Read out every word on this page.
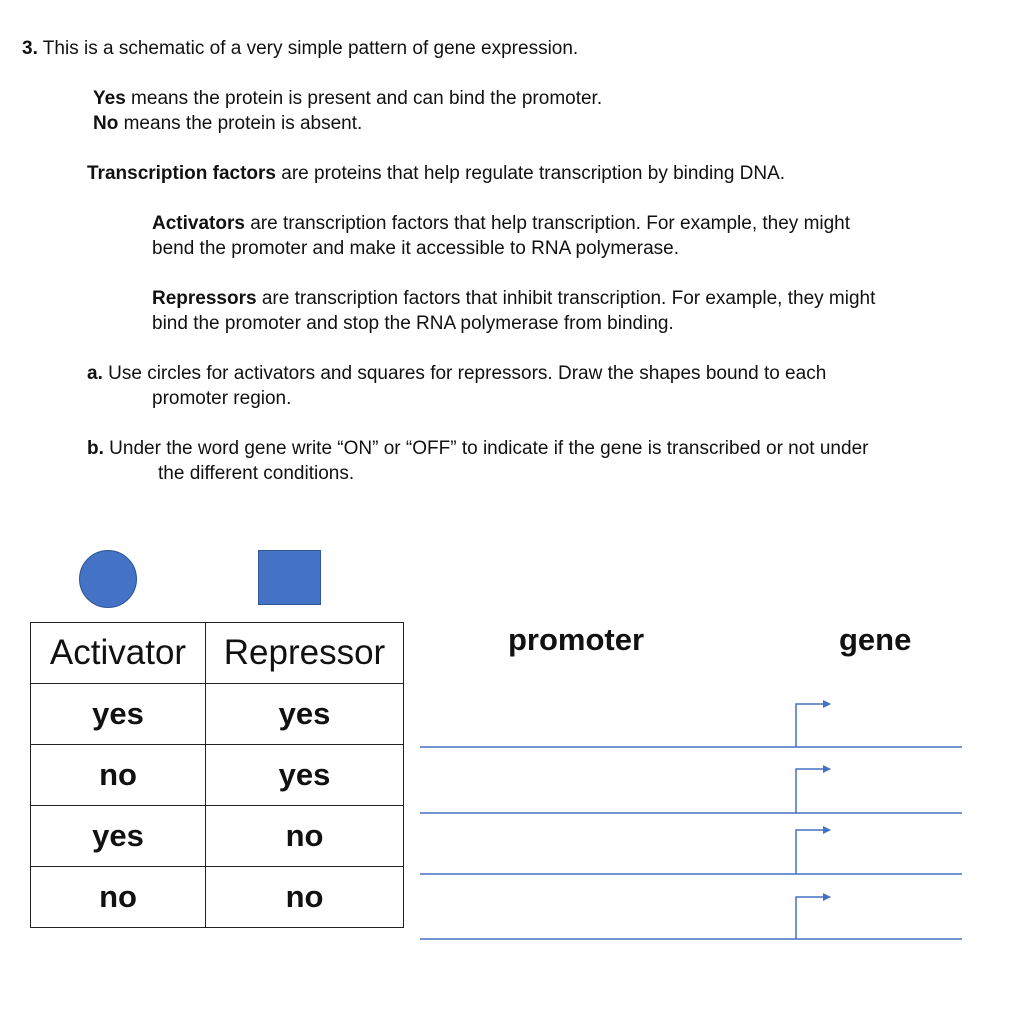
3. This is a schematic of a very simple pattern of gene expression.

Yes means the protein is present and can bind the promoter.

No means the protein is absent.

Transcription factors are proteins that help regulate transcription by binding DNA.

Activators are transcription factors that help transcription. For example, they might
bend the promoter and make it accessible to RNA polymerase.
Repressors are transcription factors that inhibit transcription. For example, they might
bind the promoter and stop the RNA polymerase from binding.
a. Use circles for activators and squares for repressors. Draw the shapes bound to each
promoter region.
b. Under the word gene write “ON” or “OFF” to indicate if the gene is transcribed or not under
the different conditions.
Activator	Repressor
yes	yes
no	yes
yes	no
no	no
promoter	gene
